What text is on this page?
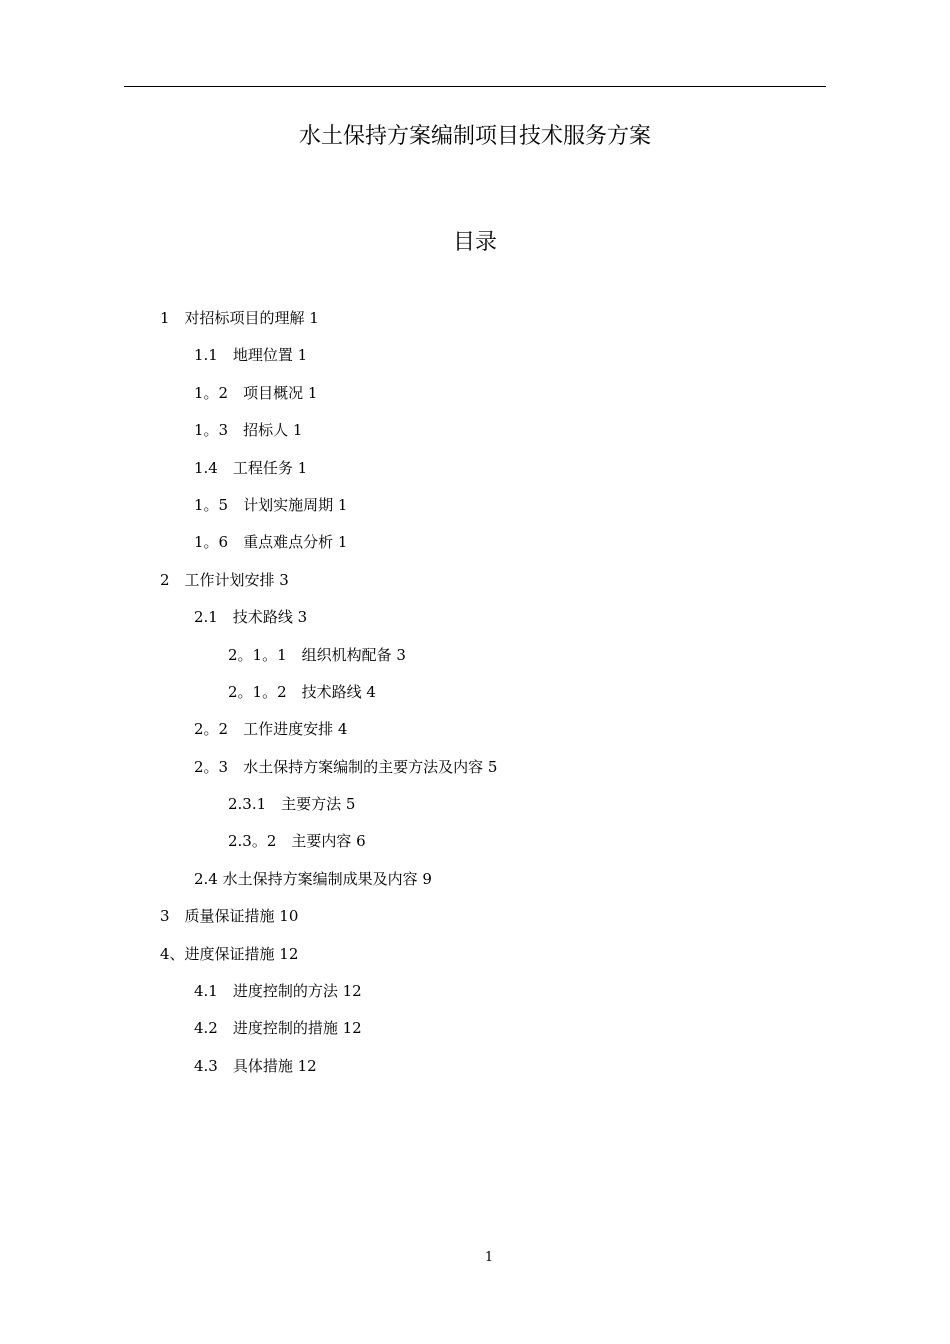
水土保持方案编制项目技术服务方案
目录
1　对招标项目的理解 1
1.1　地理位置 1
1。2　项目概况 1
1。3　招标人 1
1.4　工程任务 1
1。5　计划实施周期 1
1。6　重点难点分析 1
2　工作计划安排 3
2.1　技术路线 3
2。1。1　组织机构配备 3
2。1。2　技术路线 4
2。2　工作进度安排 4
2。3　水土保持方案编制的主要方法及内容 5
2.3.1　主要方法 5
2.3。2　主要内容 6
2.4 水土保持方案编制成果及内容 9
3　质量保证措施 10
4、进度保证措施 12
4.1　进度控制的方法 12
4.2　进度控制的措施 12
4.3　具体措施 12
1
